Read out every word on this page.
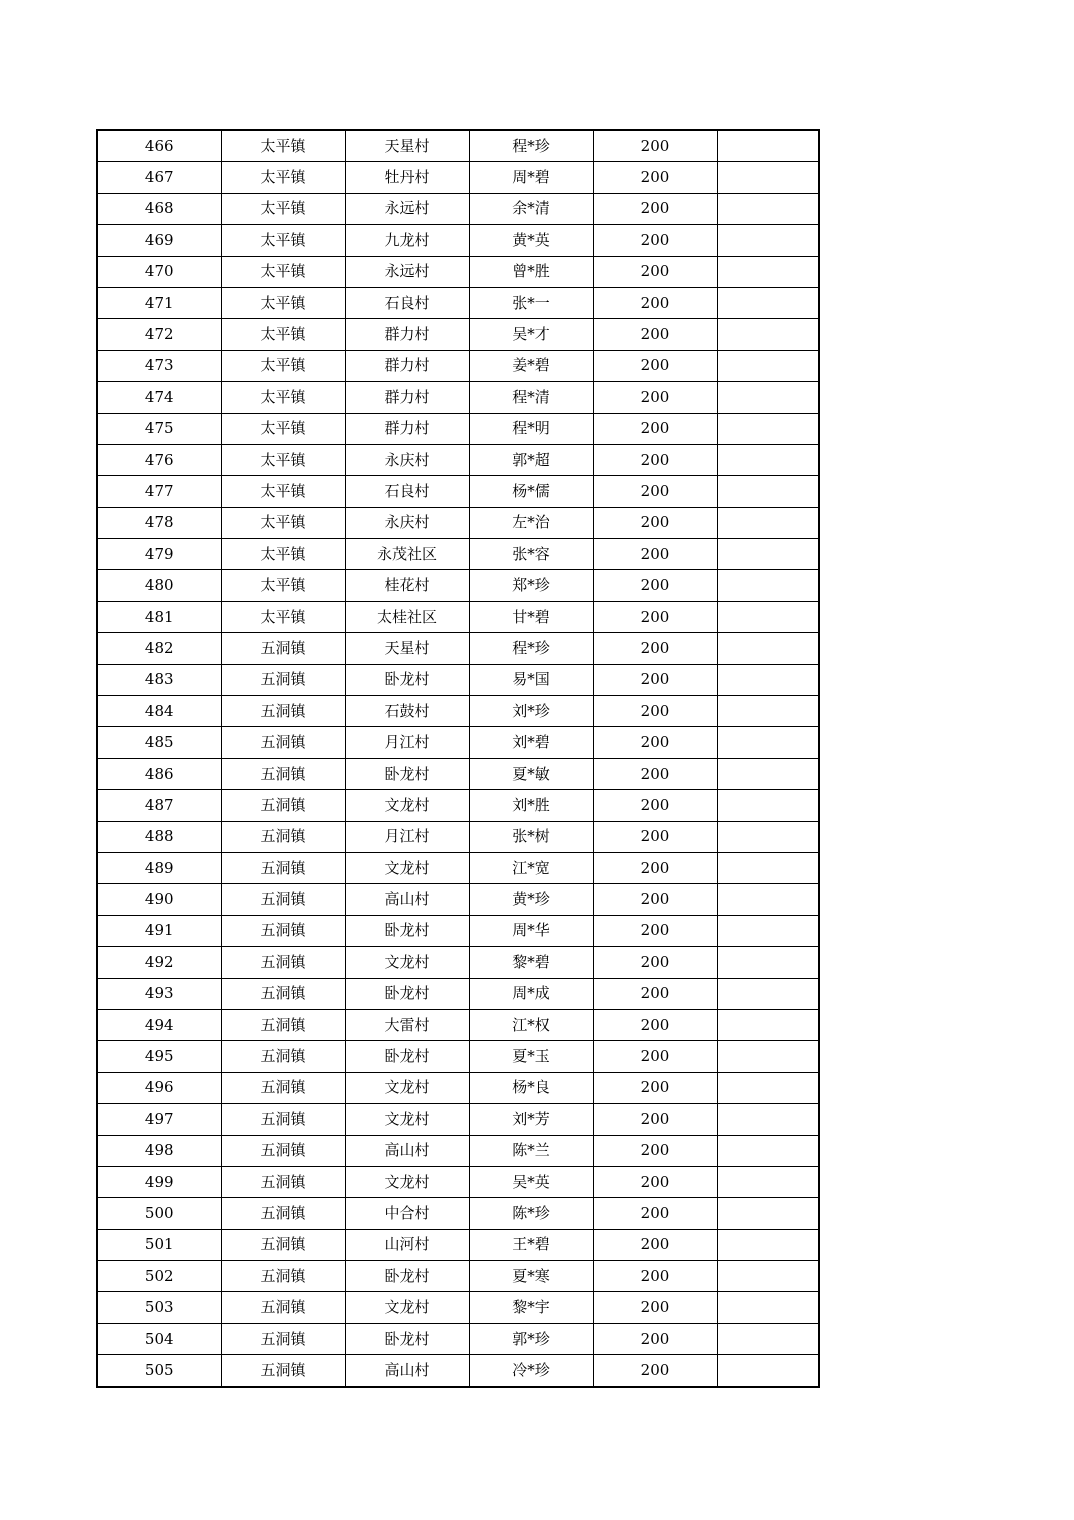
466	太平镇	天星村	程*珍	200	
467	太平镇	牡丹村	周*碧	200	
468	太平镇	永远村	余*清	200	
469	太平镇	九龙村	黄*英	200	
470	太平镇	永远村	曾*胜	200	
471	太平镇	石良村	张*一	200	
472	太平镇	群力村	吴*才	200	
473	太平镇	群力村	姜*碧	200	
474	太平镇	群力村	程*清	200	
475	太平镇	群力村	程*明	200	
476	太平镇	永庆村	郭*超	200	
477	太平镇	石良村	杨*儒	200	
478	太平镇	永庆村	左*治	200	
479	太平镇	永茂社区	张*容	200	
480	太平镇	桂花村	郑*珍	200	
481	太平镇	太桂社区	甘*碧	200	
482	五洞镇	天星村	程*珍	200	
483	五洞镇	卧龙村	易*国	200	
484	五洞镇	石鼓村	刘*珍	200	
485	五洞镇	月江村	刘*碧	200	
486	五洞镇	卧龙村	夏*敏	200	
487	五洞镇	文龙村	刘*胜	200	
488	五洞镇	月江村	张*树	200	
489	五洞镇	文龙村	江*宽	200	
490	五洞镇	高山村	黄*珍	200	
491	五洞镇	卧龙村	周*华	200	
492	五洞镇	文龙村	黎*碧	200	
493	五洞镇	卧龙村	周*成	200	
494	五洞镇	大雷村	江*权	200	
495	五洞镇	卧龙村	夏*玉	200	
496	五洞镇	文龙村	杨*良	200	
497	五洞镇	文龙村	刘*芳	200	
498	五洞镇	高山村	陈*兰	200	
499	五洞镇	文龙村	吴*英	200	
500	五洞镇	中合村	陈*珍	200	
501	五洞镇	山河村	王*碧	200	
502	五洞镇	卧龙村	夏*寒	200	
503	五洞镇	文龙村	黎*宇	200	
504	五洞镇	卧龙村	郭*珍	200	
505	五洞镇	高山村	冷*珍	200	
